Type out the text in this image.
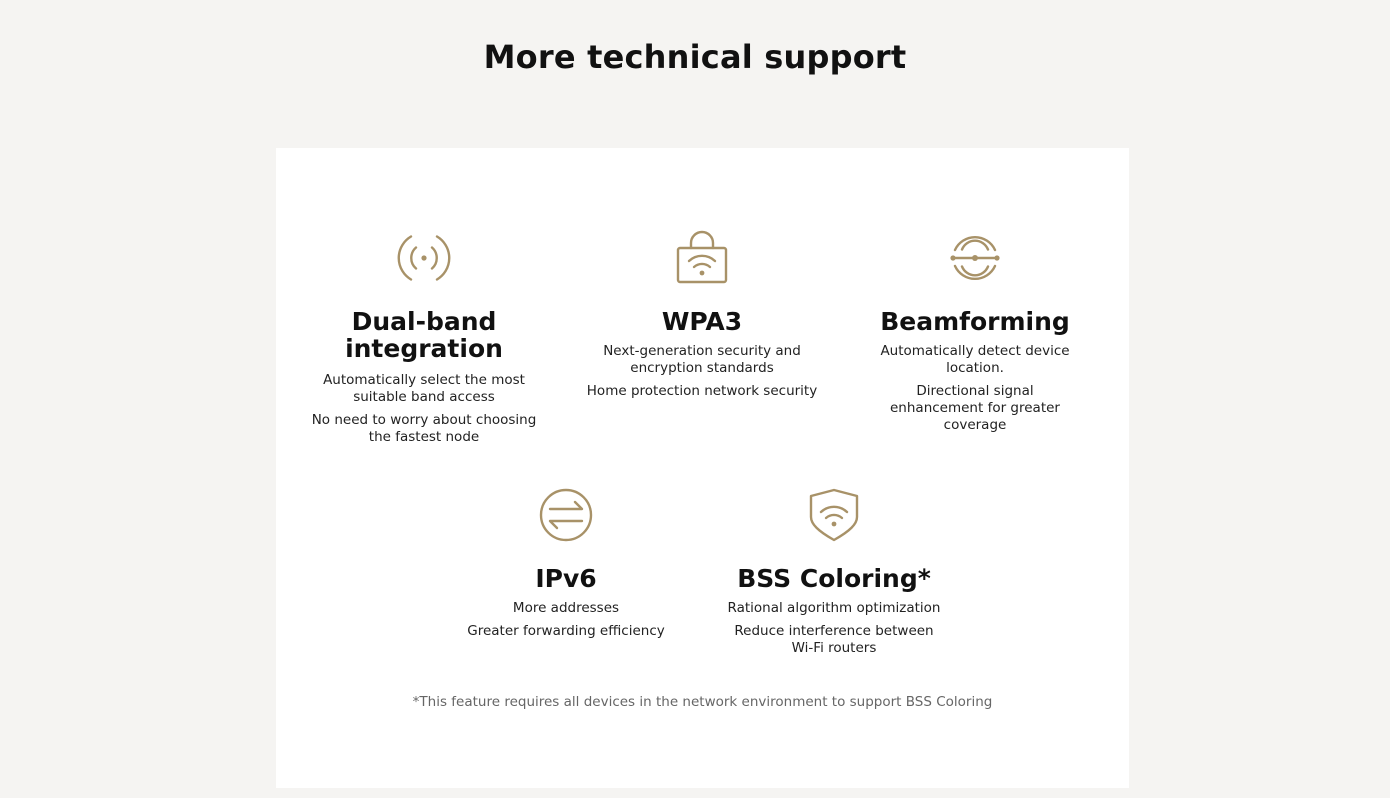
More technical support
Dual-band integration

Automatically select the most suitable band access

No need to worry about choosing the fastest node

WPA3

Next-generation security and encryption standards

Home protection network security

Beamforming

Automatically detect device location.

Directional signal enhancement for greater coverage

IPv6

More addresses

Greater forwarding efficiency

BSS Coloring*

Rational algorithm optimization

Reduce interference between Wi-Fi routers

*This feature requires all devices in the network environment to support BSS Coloring
